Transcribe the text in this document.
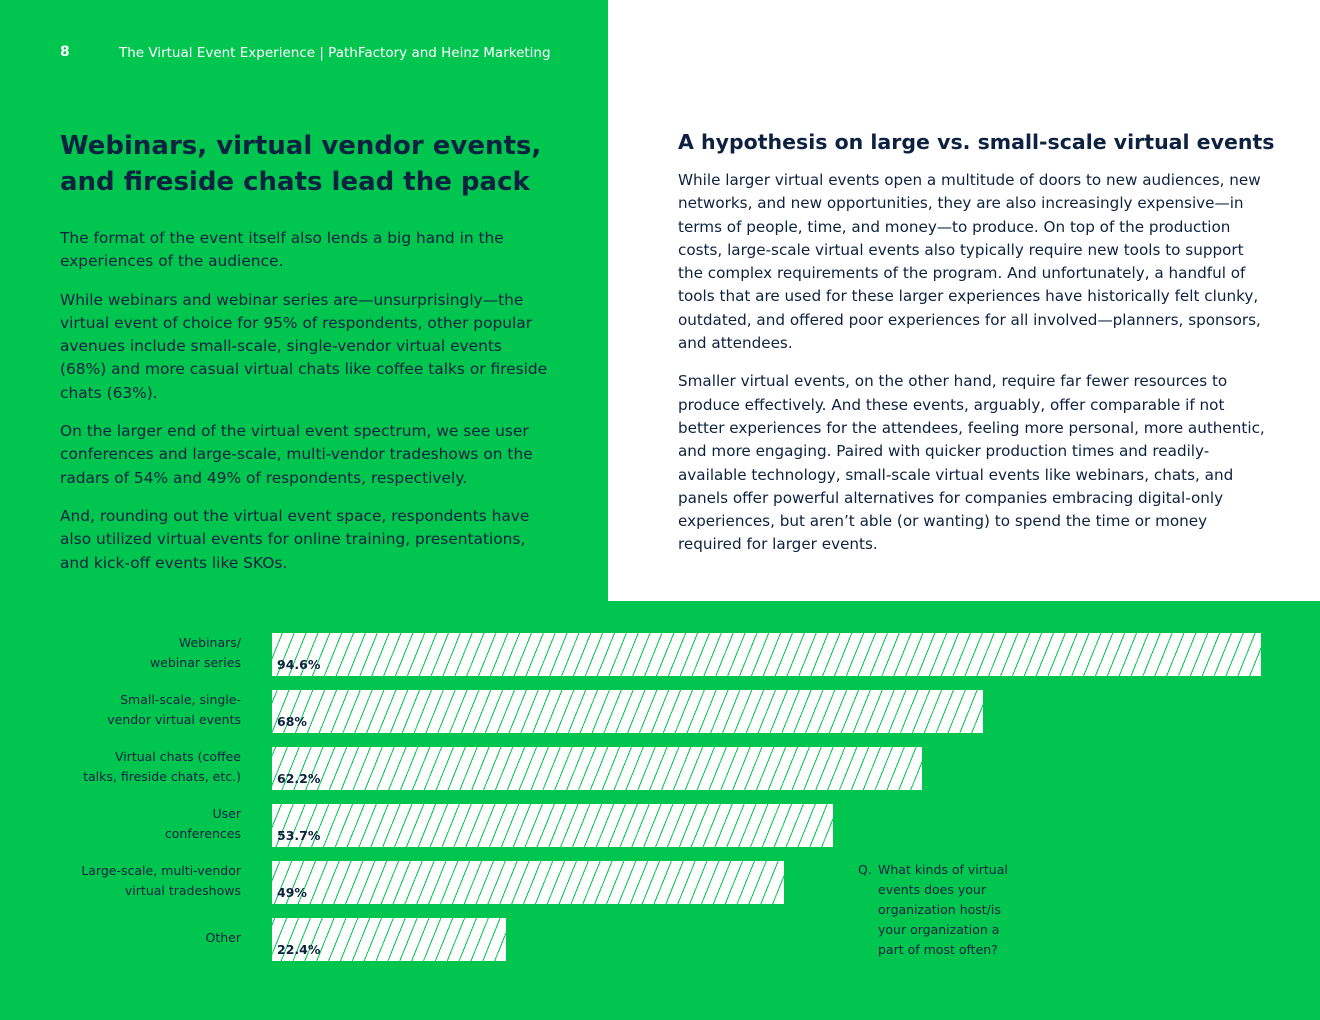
8	The Virtual Event Experience | PathFactory and Heinz Marketing
Webinars, virtual vendor events,
and fireside chats lead the pack

The format of the event itself also lends a big hand in the experiences of the audience.

While webinars and webinar series are—unsurprisingly—the virtual event of choice for 95% of respondents, other popular avenues include small-scale, single-vendor virtual events (68%) and more casual virtual chats like coffee talks or fireside chats (63%).

On the larger end of the virtual event spectrum, we see user conferences and large-scale, multi-vendor tradeshows on the radars of 54% and 49% of respondents, respectively.

And, rounding out the virtual event space, respondents have also utilized virtual events for online training, presentations, and kick-off events like SKOs.

A hypothesis on large vs. small-scale virtual events

While larger virtual events open a multitude of doors to new audiences, new networks, and new opportunities, they are also increasingly expensive—in terms of people, time, and money—to produce. On top of the production costs, large-scale virtual events also typically require new tools to support the complex requirements of the program. And unfortunately, a handful of tools that are used for these larger experiences have historically felt clunky, outdated, and offered poor experiences for all involved—planners, sponsors, and attendees.

Smaller virtual events, on the other hand, require far fewer resources to produce effectively. And these events, arguably, offer comparable if not better experiences for the attendees, feeling more personal, more authentic, and more engaging. Paired with quicker production times and readily-available technology, small-scale virtual events like webinars, chats, and panels offer powerful alternatives for companies embracing digital-only experiences, but aren’t able (or wanting) to spend the time or money required for larger events.

94.6%
Webinars/
webinar series
68%
Small-scale, single-
vendor virtual events
62.2%
Virtual chats (coffee
talks, fireside chats, etc.)
53.7%
User
conferences
49%
Large-scale, multi-vendor
virtual tradeshows
22.4%
Other
Q. What kinds of virtual
events does your
organization host/is
your organization a
part of most often?
